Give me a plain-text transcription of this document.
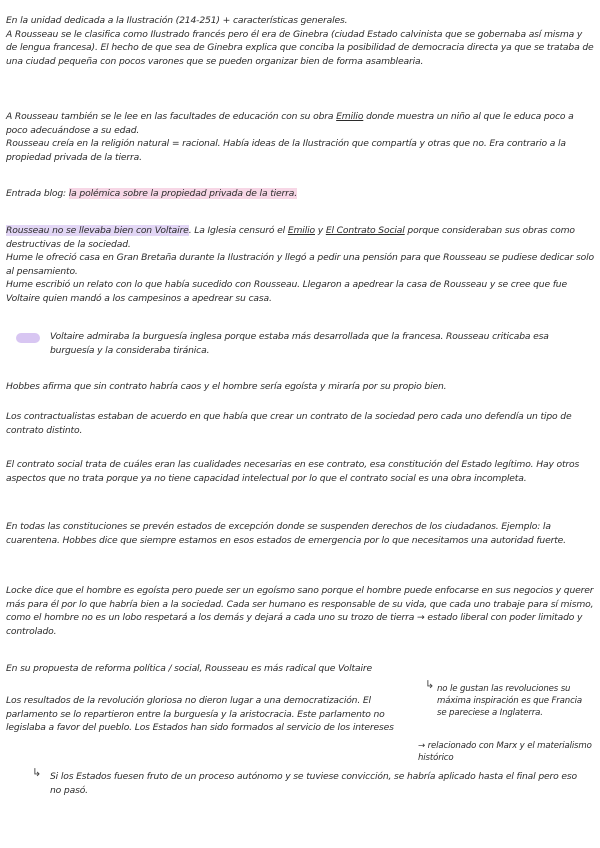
En la unidad dedicada a la Ilustración (214-251) + características generales.
A Rousseau se le clasifica como Ilustrado francés pero él era de Ginebra (ciudad Estado calvinista que se gobernaba así misma y de lengua francesa). El hecho de que sea de Ginebra explica que conciba la posibilidad de democracia directa ya que se trataba de una ciudad pequeña con pocos varones que se pueden organizar bien de forma asamblearia.
A Rousseau también se le lee en las facultades de educación con su obra Emilio donde muestra un niño al que le educa poco a poco adecuándose a su edad.
Rousseau creía en la religión natural = racional. Había ideas de la Ilustración que compartía y otras que no. Era contrario a la propiedad privada de la tierra.
Entrada blog: la polémica sobre la propiedad privada de la tierra.
Rousseau no se llevaba bien con Voltaire. La Iglesia censuró el Emilio y El Contrato Social porque consideraban sus obras como destructivas de la sociedad.
Hume le ofreció casa en Gran Bretaña durante la Ilustración y llegó a pedir una pensión para que Rousseau se pudiese dedicar solo al pensamiento.
Hume escribió un relato con lo que había sucedido con Rousseau. Llegaron a apedrear la casa de Rousseau y se cree que fue Voltaire quien mandó a los campesinos a apedrear su casa.
Voltaire admiraba la burguesía inglesa porque estaba más desarrollada que la francesa. Rousseau criticaba esa burguesía y la consideraba tiránica.
Hobbes afirma que sin contrato habría caos y el hombre sería egoísta y miraría por su propio bien.
Los contractualistas estaban de acuerdo en que había que crear un contrato de la sociedad pero cada uno defendía un tipo de contrato distinto.
El contrato social trata de cuáles eran las cualidades necesarias en ese contrato, esa constitución del Estado legítimo. Hay otros aspectos que no trata porque ya no tiene capacidad intelectual por lo que el contrato social es una obra incompleta.
En todas las constituciones se prevén estados de excepción donde se suspenden derechos de los ciudadanos. Ejemplo: la cuarentena. Hobbes dice que siempre estamos en esos estados de emergencia por lo que necesitamos una autoridad fuerte.
Locke dice que el hombre es egoísta pero puede ser un egoísmo sano porque el hombre puede enfocarse en sus negocios y querer más para él por lo que habría bien a la sociedad. Cada ser humano es responsable de su vida, que cada uno trabaje para sí mismo, como el hombre no es un lobo respetará a los demás y dejará a cada uno su trozo de tierra → estado liberal con poder limitado y controlado.
En su propuesta de reforma política / social, Rousseau es más radical que Voltaire
↳ no le gustan las revoluciones su máxima inspiración es que Francia se pareciese a Inglaterra.
Los resultados de la revolución gloriosa no dieron lugar a una democratización. El parlamento se lo repartieron entre la burguesía y la aristocracia. Este parlamento no legislaba a favor del pueblo. Los Estados han sido formados al servicio de los intereses
→ relacionado con Marx y el materialismo histórico
↳ Si los Estados fuesen fruto de un proceso autónomo y se tuviese convicción, se habría aplicado hasta el final pero eso no pasó.
